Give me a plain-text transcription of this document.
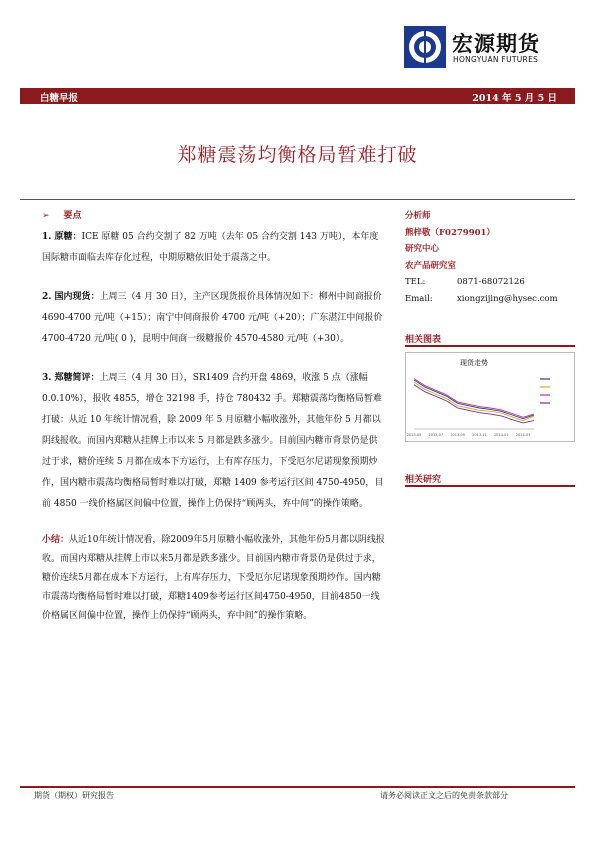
宏源期货
HONGYUAN FUTURES
白糖早报	2014 年 5 月 5 日
郑糖震荡均衡格局暂难打破

➢ 要点

1. 原糖：ICE 原糖 05 合约交割了 82 万吨（去年 05 合约交割 143 万吨），本年度国际糖市面临去库存化过程，中期原糖依旧处于震荡之中。

2. 国内现货：上周三（4 月 30 日），主产区现货报价具体情况如下：柳州中间商报价 4690-4700 元/吨（+15）；南宁中间商报价 4700 元/吨（+20）；广东湛江中间报价 4700-4720 元/吨( 0 )，昆明中间商一级糖报价 4570-4580 元/吨（+30）。

3. 郑糖简评：上周三（4 月 30 日），SR1409 合约开盘 4869，收涨 5 点（涨幅 0.0.10%），报收 4855，增仓 32198 手，持仓 780432 手。郑糖震荡均衡格局暂难打破：从近 10 年统计情况看，除 2009 年 5 月原糖小幅收涨外，其他年份 5 月都以阴线报收。而国内郑糖从挂牌上市以来 5 月都是跌多涨少。目前国内糖市背景仍是供过于求，糖价连续 5 月都在成本下方运行，上有库存压力，下受厄尔尼诺现象预期炒作，国内糖市震荡均衡格局暂时难以打破，郑糖 1409 参考运行区间 4750-4950，目前 4850 一线价格属区间偏中位置，操作上仍保持“顾两头，弃中间”的操作策略。

小结：从近10年统计情况看，除2009年5月原糖小幅收涨外，其他年份5月都以阴线报收。而国内郑糖从挂牌上市以来5月都是跌多涨少。目前国内糖市背景仍是供过于求，糖价连续5月都在成本下方运行，上有库存压力，下受厄尔尼诺现象预期炒作。国内糖市震荡均衡格局暂时难以打破，郑糖1409参考运行区间4750-4950，目前4850一线价格属区间偏中位置，操作上仍保持“顾两头，弃中间”的操作策略。

分析师
熊梓敬（F0279901）
研究中心
农产品研究室
TEL:	0871-68072126
Email:	xiongzijing@hysec.com
相关图表
现货走势
2013-05 2013-07 2013-09 2013-11 2014-01 2014-03
相关研究
期货（期权）研究报告	请务必阅读正文之后的免责条款部分
